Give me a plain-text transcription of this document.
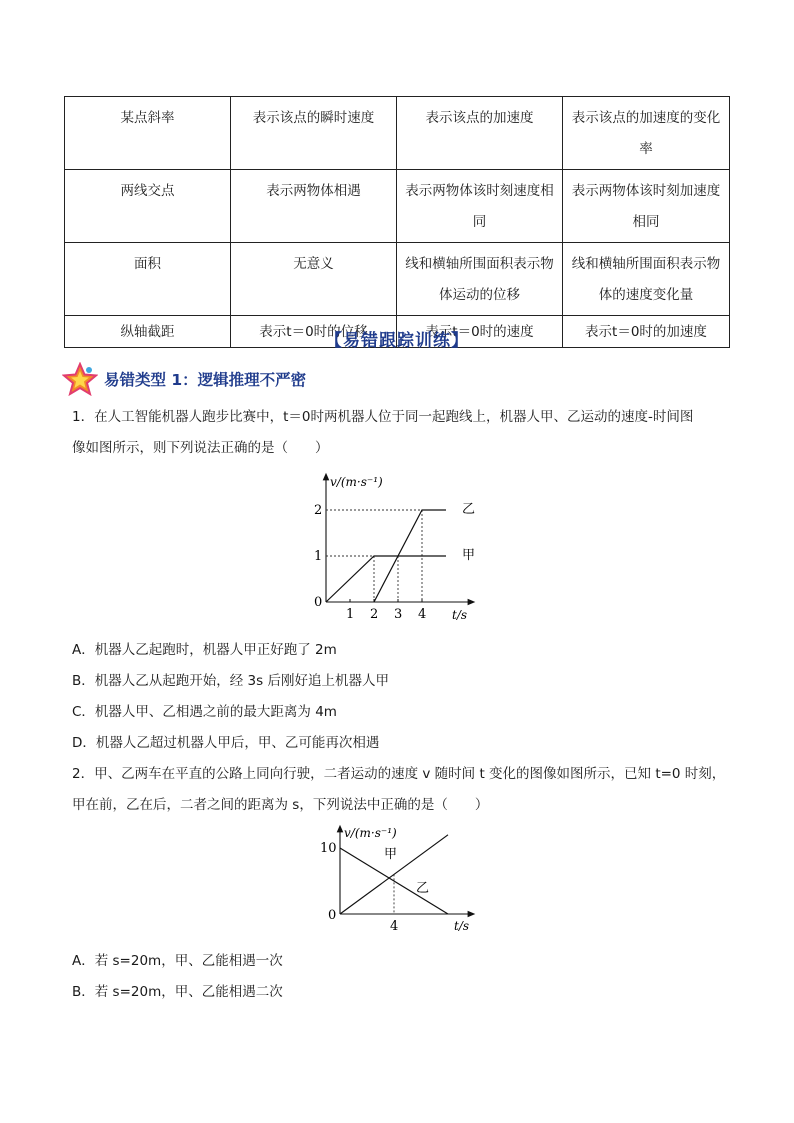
某点斜率	表示该点的瞬时速度	表示该点的加速度	表示该点的加速度的变化率
两线交点	表示两物体相遇	表示两物体该时刻速度相同	表示两物体该时刻加速度相同
面积	无意义	线和横轴所围面积表示物体运动的位移	线和横轴所围面积表示物体的速度变化量
纵轴截距	表示t＝0时的位移	表示t＝0时的速度	表示t＝0时的加速度
【易错跟踪训练】
易错类型 1：逻辑推理不严密
1．在人工智能机器人跑步比赛中，t＝0时两机器人位于同一起跑线上，机器人甲、乙运动的速度-时间图
像如图所示，则下列说法正确的是（　　）
2
1
1 2 3 4
v/(m·s⁻¹)
t/s
0
乙
甲
A．机器人乙起跑时，机器人甲正好跑了 2m
B．机器人乙从起跑开始，经 3s 后刚好追上机器人甲
C．机器人甲、乙相遇之前的最大距离为 4m
D．机器人乙超过机器人甲后，甲、乙可能再次相遇
2．甲、乙两车在平直的公路上同向行驶，二者运动的速度 v 随时间 t 变化的图像如图所示，已知 t=0 时刻，
甲在前，乙在后，二者之间的距离为 s，下列说法中正确的是（　　）
10
4
v/(m·s⁻¹)
t/s
0
甲
乙
A．若 s=20m，甲、乙能相遇一次
B．若 s=20m，甲、乙能相遇二次
